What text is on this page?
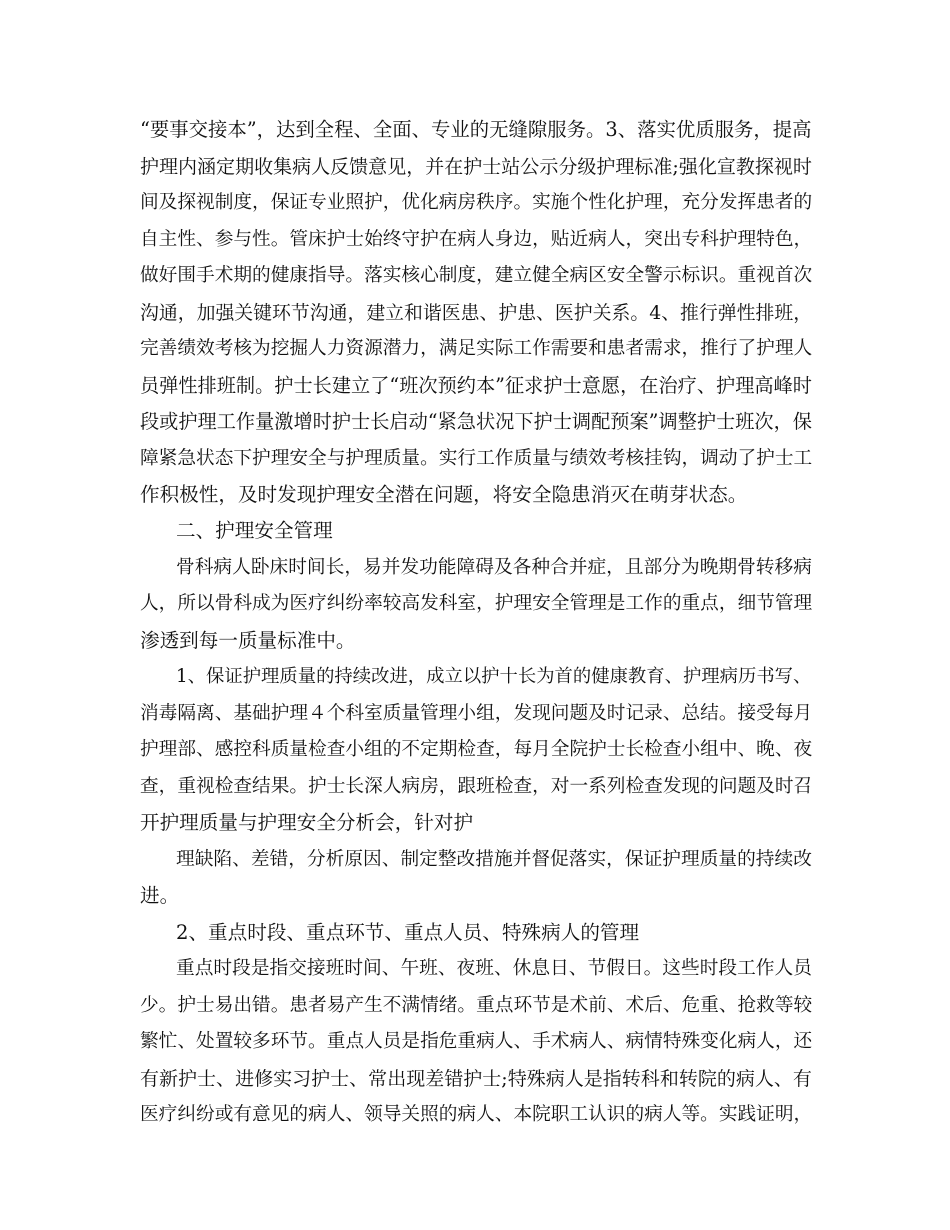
“要事交接本”，达到全程、全面、专业的无缝隙服务。3、落实优质服务，提高
护理内涵定期收集病人反馈意见，并在护士站公示分级护理标准;强化宣教探视时
间及探视制度，保证专业照护，优化病房秩序。实施个性化护理，充分发挥患者的
自主性、参与性。管床护士始终守护在病人身边，贴近病人，突出专科护理特色，
做好围手术期的健康指导。落实核心制度，建立健全病区安全警示标识。重视首次
沟通，加强关键环节沟通，建立和谐医患、护患、医护关系。4、推行弹性排班，
完善绩效考核为挖掘人力资源潜力，满足实际工作需要和患者需求，推行了护理人
员弹性排班制。护士长建立了“班次预约本”征求护士意愿，在治疗、护理高峰时
段或护理工作量激增时护士长启动“紧急状况下护士调配预案”调整护士班次，保
障紧急状态下护理安全与护理质量。实行工作质量与绩效考核挂钩，调动了护士工
作积极性，及时发现护理安全潜在问题，将安全隐患消灭在萌芽状态。
二、护理安全管理
骨科病人卧床时间长，易并发功能障碍及各种合并症，且部分为晚期骨转移病
人，所以骨科成为医疗纠纷率较高发科室，护理安全管理是工作的重点，细节管理
渗透到每一质量标准中。
1、保证护理质量的持续改进，成立以护十长为首的健康教育、护理病历书写、
消毒隔离、基础护理４个科室质量管理小组，发现问题及时记录、总结。接受每月
护理部、感控科质量检查小组的不定期检查，每月全院护士长检查小组中、晚、夜
查，重视检查结果。护士长深人病房，跟班检查，对一系列检查发现的问题及时召
开护理质量与护理安全分析会，针对护
理缺陷、差错，分析原因、制定整改措施并督促落实，保证护理质量的持续改
进。
2、重点时段、重点环节、重点人员、特殊病人的管理
重点时段是指交接班时间、午班、夜班、休息日、节假日。这些时段工作人员
少。护士易出错。患者易产生不满情绪。重点环节是术前、术后、危重、抢救等较
繁忙、处置较多环节。重点人员是指危重病人、手术病人、病情特殊变化病人，还
有新护士、进修实习护士、常出现差错护士;特殊病人是指转科和转院的病人、有
医疗纠纷或有意见的病人、领导关照的病人、本院职工认识的病人等。实践证明，
